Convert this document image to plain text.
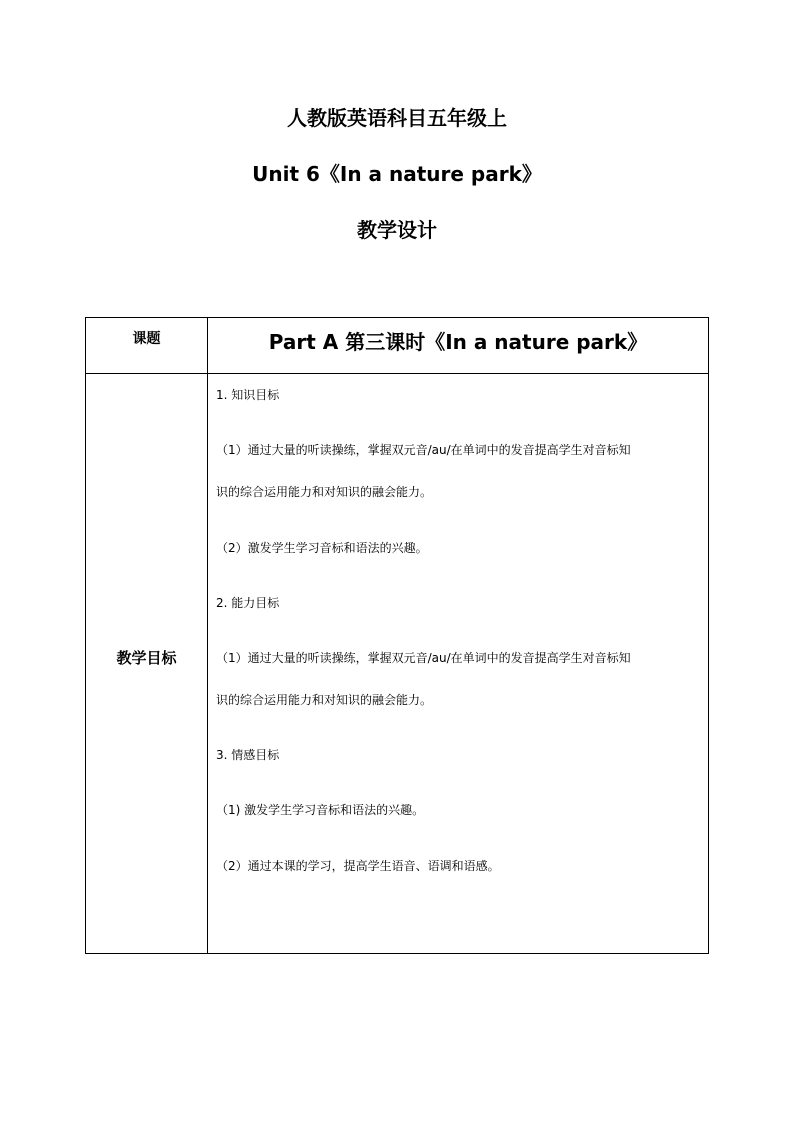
人教版英语科目五年级上
Unit 6《In a nature park》
教学设计
课题	Part A 第三课时《In a nature park》
教学目标
1. 知识目标
（1）通过大量的听读操练，掌握双元音/au/在单词中的发音提高学生对音标知
识的综合运用能力和对知识的融会能力。
（2）激发学生学习音标和语法的兴趣。
2. 能力目标
（1）通过大量的听读操练，掌握双元音/au/在单词中的发音提高学生对音标知
识的综合运用能力和对知识的融会能力。
3. 情感目标
（1) 激发学生学习音标和语法的兴趣。
（2）通过本课的学习，提高学生语音、语调和语感。
